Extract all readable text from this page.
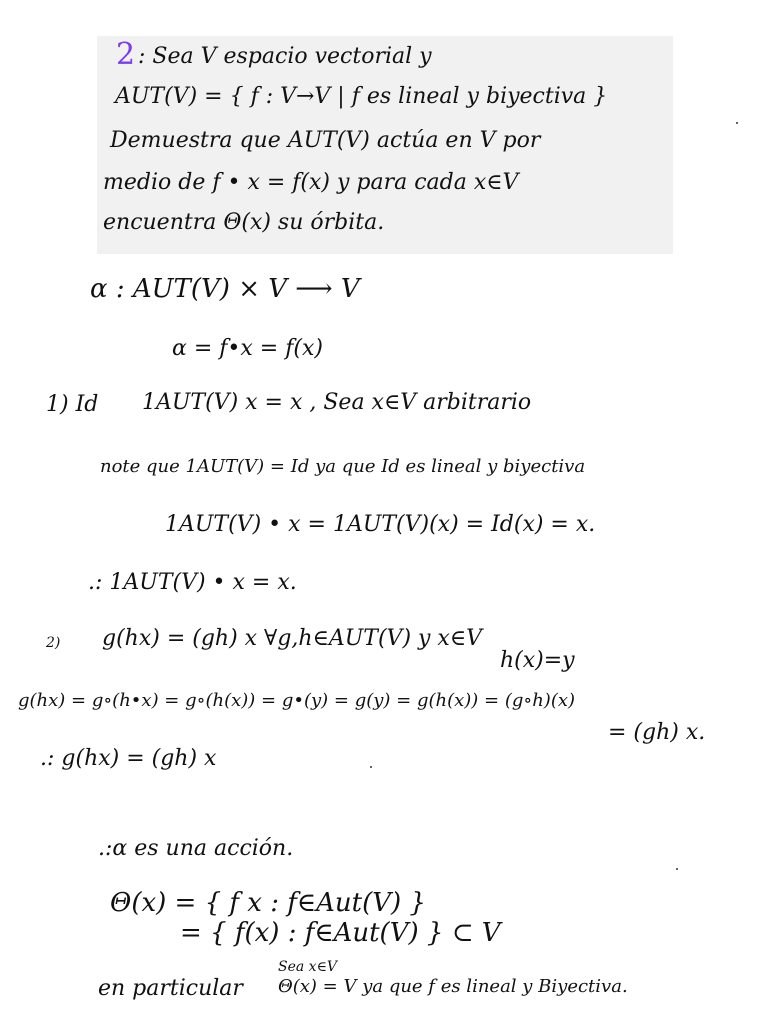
2 : Sea V espacio vectorial y
AUT(V) = { f : V→V | f es lineal y biyectiva }
Demuestra que AUT(V) actúa en V por
medio de f • x = f(x) y para cada x∈V
encuentra Θ(x) su órbita.
α : AUT(V) × V ⟶ V
α = f•x = f(x)
1) Id 1AUT(V) x = x , Sea x∈V arbitrario
note que 1AUT(V) = Id ya que Id es lineal y biyectiva
1AUT(V) • x = 1AUT(V)(x) = Id(x) = x.
.: 1AUT(V) • x = x.
2) g(hx) = (gh) x ∀g,h∈AUT(V) y x∈V
h(x)=y
g(hx) = g∘(h•x) = g∘(h(x)) = g•(y) = g(y) = g(h(x)) = (g∘h)(x)
= (gh) x.
.: g(hx) = (gh) x
.:α es una acción.
Θ(x) = { f x : f∈Aut(V) }
= { f(x) : f∈Aut(V) } ⊂ V
en particular
Sea x∈V
Θ(x) = V ya que f es lineal y Biyectiva.
